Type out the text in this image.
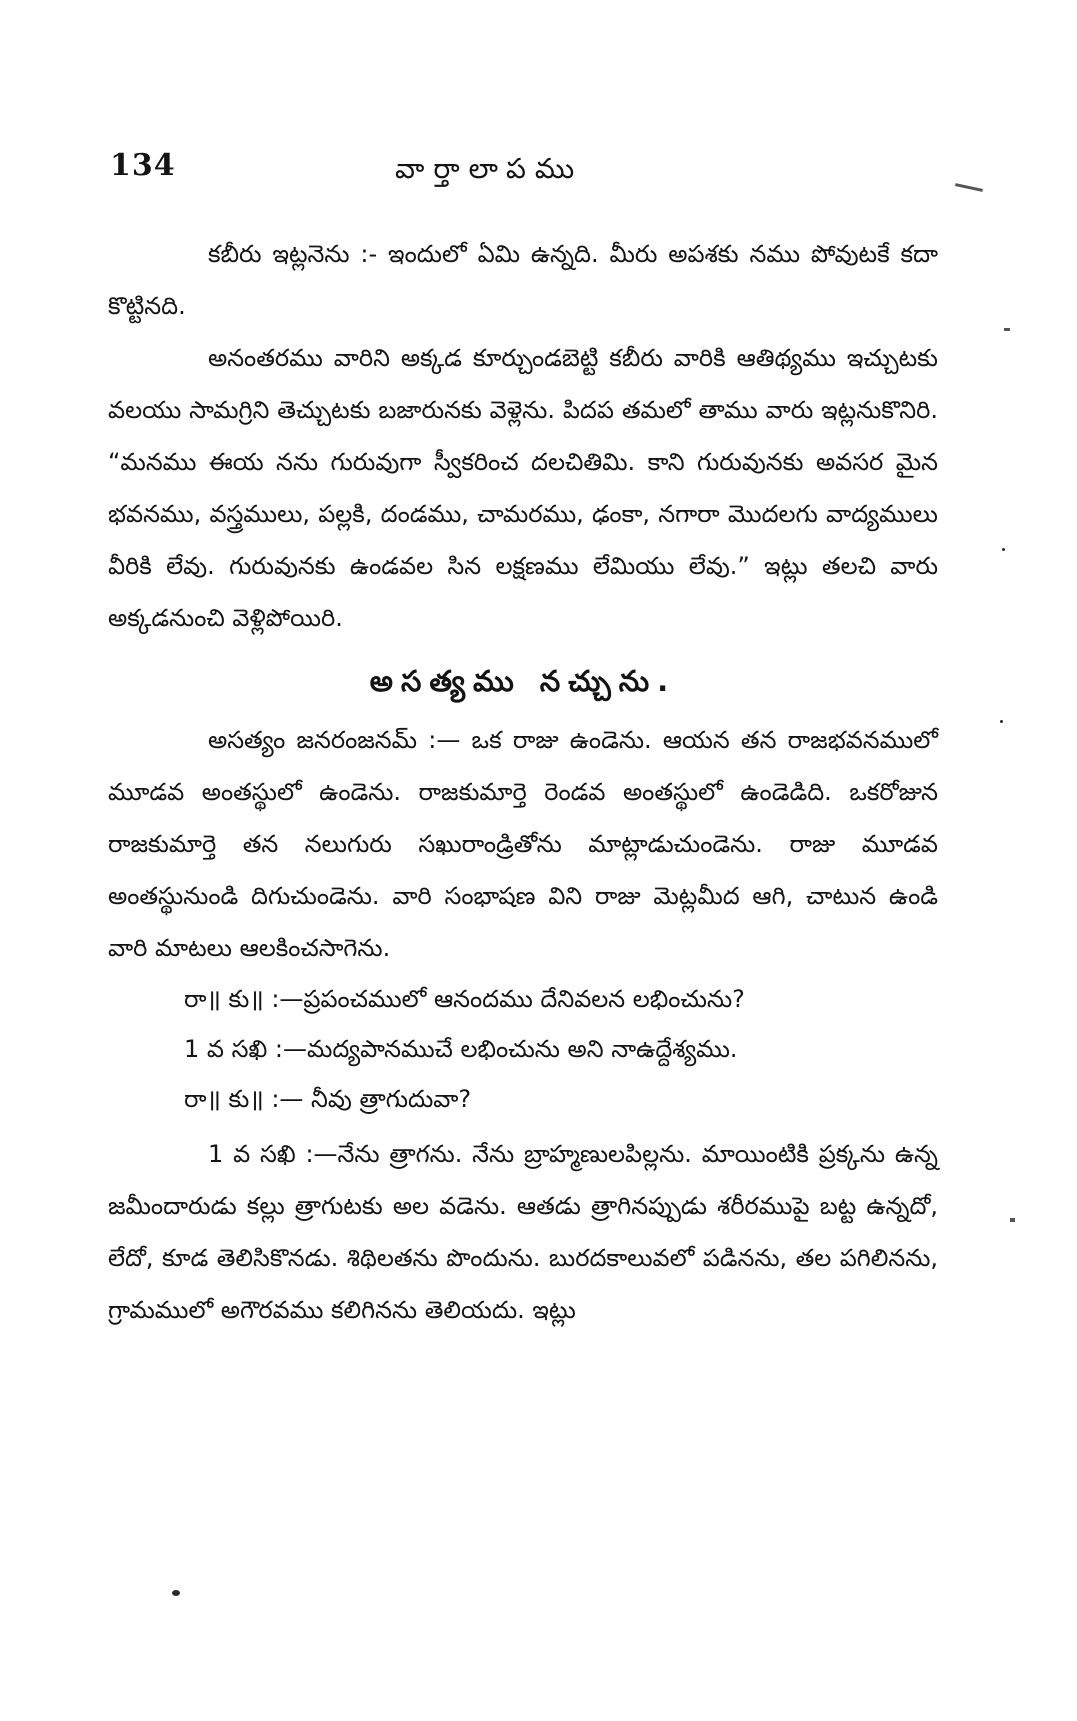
134	వార్తాలాపము

కబీరు ఇట్లనెను :- ఇందులో ఏమి ఉన్నది. మీరు అపశకు నము పోవుటకే కదా కొట్టినది.

అనంతరము వారిని అక్కడ కూర్చుండబెట్టి కబీరు వారికి ఆతిథ్యము ఇచ్చుటకు వలయు సామగ్రిని తెచ్చుటకు బజారునకు వెళ్లెను. పిదప తమలో తాము వారు ఇట్లనుకొనిరి. “మనము ఈయ నను గురువుగా స్వీకరించ దలచితిమి. కాని గురువునకు అవసర మైన భవనము, వస్త్రములు, పల్లకి, దండము, చామరము, ఢంకా, నగారా మొదలగు వాద్యములు వీరికి లేవు. గురువునకు ఉండవల సిన లక్షణము లేమియు లేవు.” ఇట్లు తలచి వారు అక్కడనుంచి వెళ్లిపోయిరి.

అసత్యము నచ్చును.

అసత్యం జనరంజనమ్ :— ఒక రాజు ఉండెను. ఆయన తన రాజభవనములో మూడవ అంతస్థులో ఉండెను. రాజకుమార్తె రెండవ అంతస్థులో ఉండెడిది. ఒకరోజున రాజకుమార్తె తన నలుగురు సఖురాండ్రితోను మాట్లాడుచుండెను. రాజు మూడవ అంతస్థునుండి దిగుచుండెను. వారి సంభాషణ విని రాజు మెట్లమీద ఆగి, చాటున ఉండి వారి మాటలు ఆలకించసాగెను.

రా॥ కు॥ :—ప్రపంచములో ఆనందము దేనివలన లభించును?

1 వ సఖి :—మద్యపానముచే లభించును అని నాఉద్దేశ్యము.

రా॥ కు॥ :— నీవు త్రాగుదువా?

1 వ సఖి :—నేను త్రాగను. నేను బ్రాహ్మణులపిల్లను. మాయింటికి ప్రక్కను ఉన్న జమీందారుడు కల్లు త్రాగుటకు అల వడెను. ఆతడు త్రాగినప్పుడు శరీరముపై బట్ట ఉన్నదో, లేదో, కూడ తెలిసికొనడు. శిథిలతను పొందును. బురదకాలువలో పడినను, తల పగిలినను, గ్రామములో అగౌరవము కలిగినను తెలియదు. ఇట్లు
